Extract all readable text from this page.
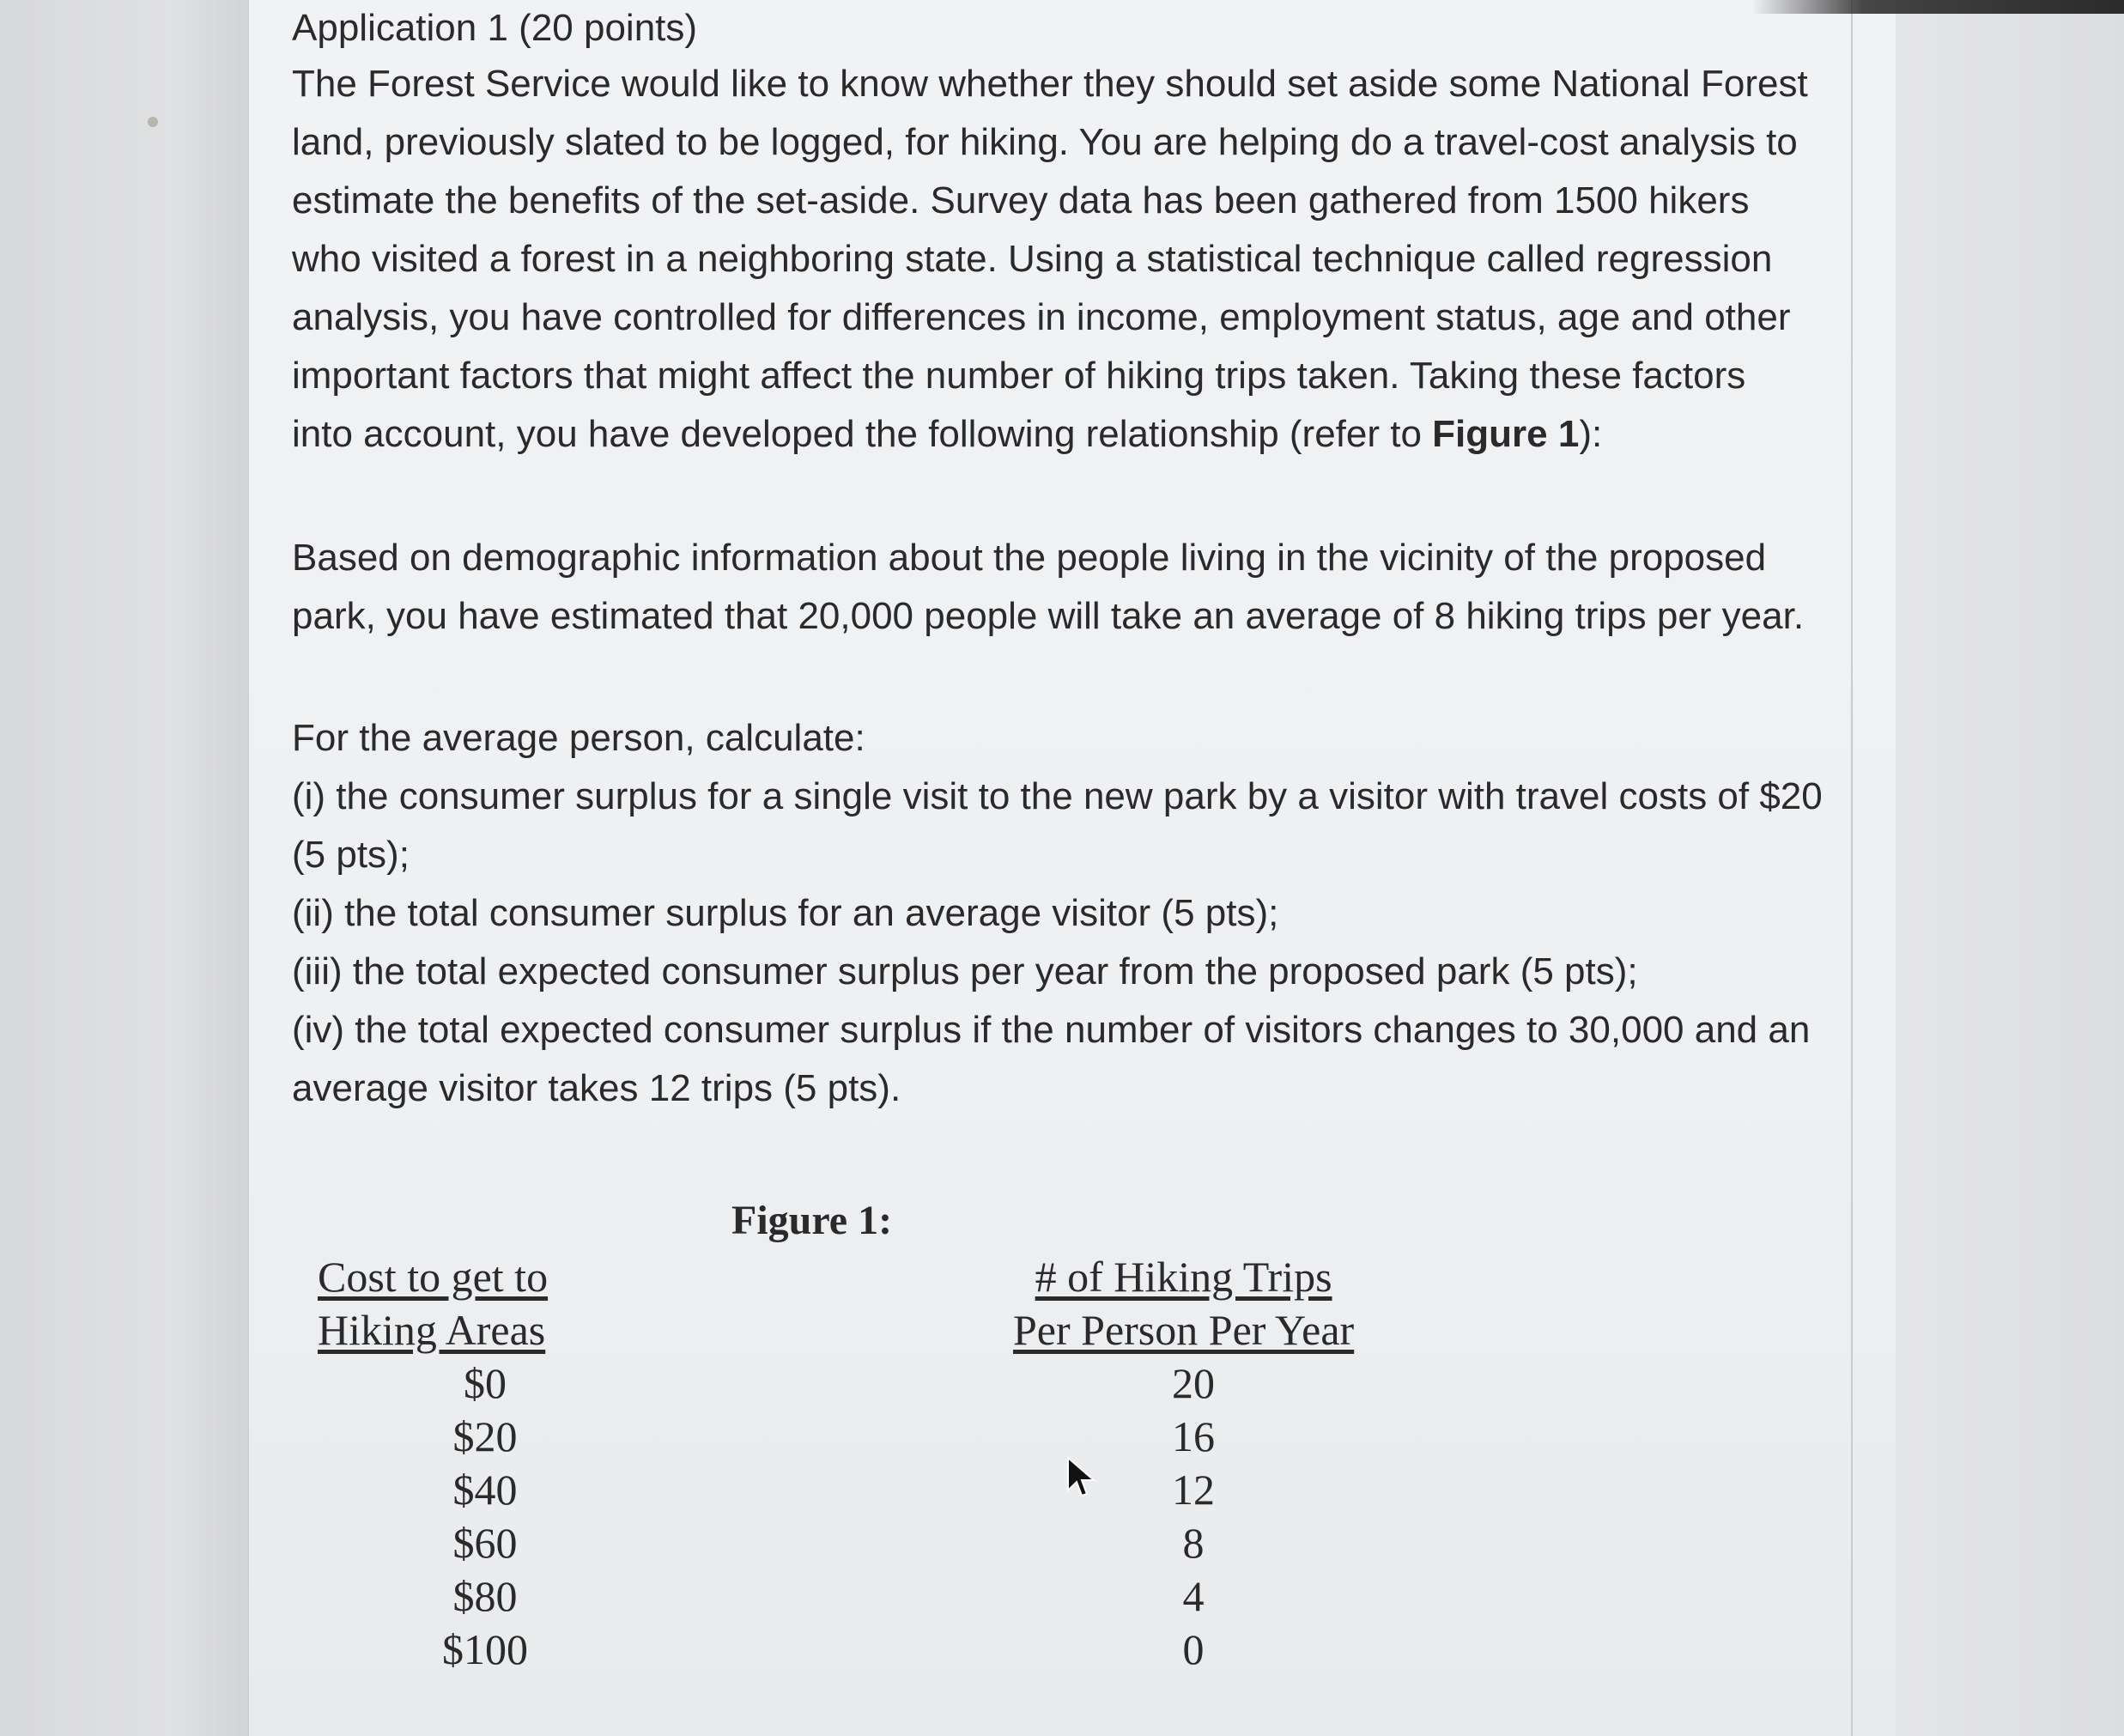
Application 1 (20 points)
The Forest Service would like to know whether they should set aside some National Forest
land, previously slated to be logged, for hiking. You are helping do a travel-cost analysis to
estimate the benefits of the set-aside. Survey data has been gathered from 1500 hikers
who visited a forest in a neighboring state. Using a statistical technique called regression
analysis, you have controlled for differences in income, employment status, age and other
important factors that might affect the number of hiking trips taken. Taking these factors
into account, you have developed the following relationship (refer to Figure 1):
Based on demographic information about the people living in the vicinity of the proposed
park, you have estimated that 20,000 people will take an average of 8 hiking trips per year.
For the average person, calculate:
(i) the consumer surplus for a single visit to the new park by a visitor with travel costs of $20
(5 pts);
(ii) the total consumer surplus for an average visitor (5 pts);
(iii) the total expected consumer surplus per year from the proposed park (5 pts);
(iv) the total expected consumer surplus if the number of visitors changes to 30,000 and an
average visitor takes 12 trips (5 pts).
Figure 1:
Cost to get to
Hiking Areas
# of Hiking Trips
Per Person Per Year
$0
$20
$40
$60
$80
$100
20
16
12
8
4
0
